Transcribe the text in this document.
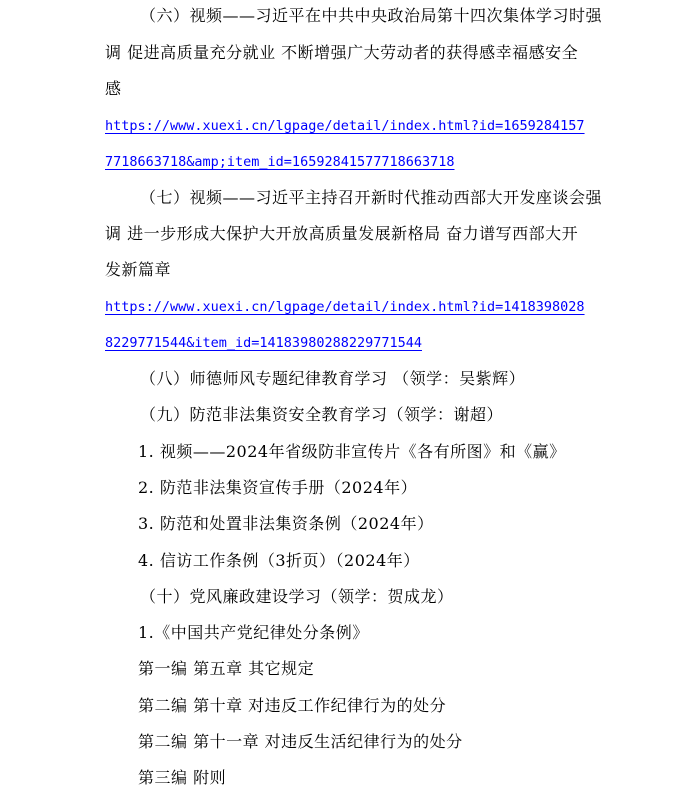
（六）视频——习近平在中共中央政治局第十四次集体学习时强
调 促进高质量充分就业 不断增强广大劳动者的获得感幸福感安全
感
https://www.xuexi.cn/lgpage/detail/index.html?id=1659284157
7718663718&amp;item_id=16592841577718663718
（七）视频——习近平主持召开新时代推动西部大开发座谈会强
调 进一步形成大保护大开放高质量发展新格局 奋力谱写西部大开
发新篇章
https://www.xuexi.cn/lgpage/detail/index.html?id=1418398028
8229771544&item_id=14183980288229771544
（八）师德师风专题纪律教育学习 （领学：吴紫辉）
（九）防范非法集资安全教育学习（领学：谢超）
1. 视频——2024年省级防非宣传片《各有所图》和《赢》
2. 防范非法集资宣传手册（2024年）
3. 防范和处置非法集资条例（2024年）
4. 信访工作条例（3折页）（2024年）
（十）党风廉政建设学习（领学：贺成龙）
1.《中国共产党纪律处分条例》
第一编 第五章 其它规定
第二编 第十章 对违反工作纪律行为的处分
第二编 第十一章 对违反生活纪律行为的处分
第三编 附则
